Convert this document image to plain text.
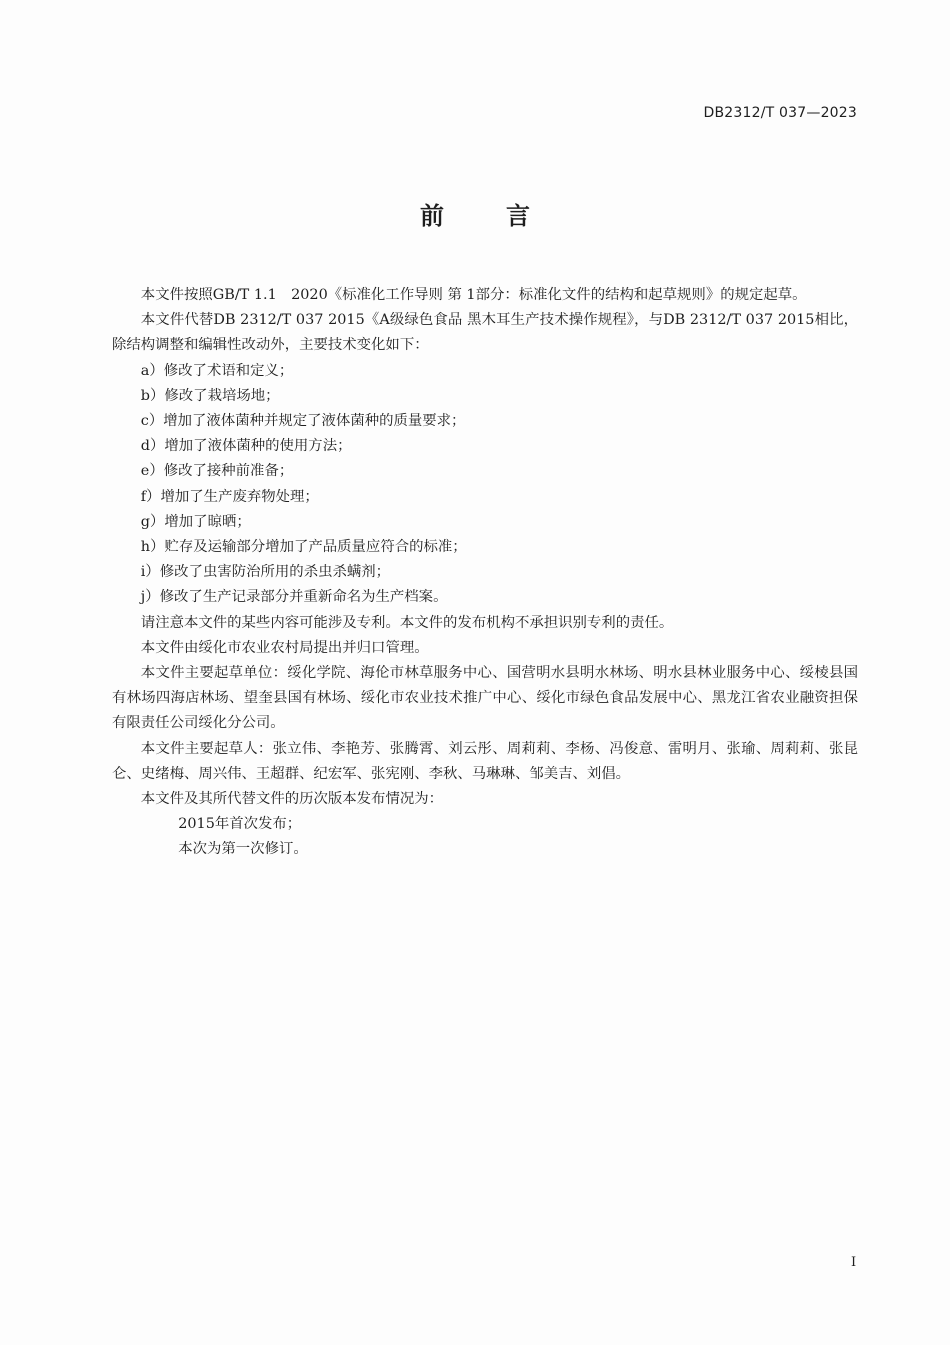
DB2312/T 037—2023
前	言

本文件按照GB/T 1.1　2020《标准化工作导则 第 1部分：标准化文件的结构和起草规则》的规定起草。

本文件代替DB 2312/T 037 2015《A级绿色食品 黑木耳生产技术操作规程》，与DB 2312/T 037 2015相比，除结构调整和编辑性改动外，主要技术变化如下：

a）修改了术语和定义；

b）修改了栽培场地；

c）增加了液体菌种并规定了液体菌种的质量要求；

d）增加了液体菌种的使用方法；

e）修改了接种前准备；

f）增加了生产废弃物处理；

g）增加了晾晒；

h）贮存及运输部分增加了产品质量应符合的标准；

i）修改了虫害防治所用的杀虫杀螨剂；

j）修改了生产记录部分并重新命名为生产档案。

请注意本文件的某些内容可能涉及专利。本文件的发布机构不承担识别专利的责任。

本文件由绥化市农业农村局提出并归口管理。

本文件主要起草单位：绥化学院、海伦市林草服务中心、国营明水县明水林场、明水县林业服务中心、绥棱县国有林场四海店林场、望奎县国有林场、绥化市农业技术推广中心、绥化市绿色食品发展中心、黑龙江省农业融资担保有限责任公司绥化分公司。

本文件主要起草人：张立伟、李艳芳、张腾霄、刘云彤、周莉莉、李杨、冯俊意、雷明月、张瑜、周莉莉、张昆仑、史绪梅、周兴伟、王超群、纪宏军、张宪刚、李秋、马琳琳、邹美吉、刘倡。

本文件及其所代替文件的历次版本发布情况为：

2015年首次发布；

本次为第一次修订。

I
